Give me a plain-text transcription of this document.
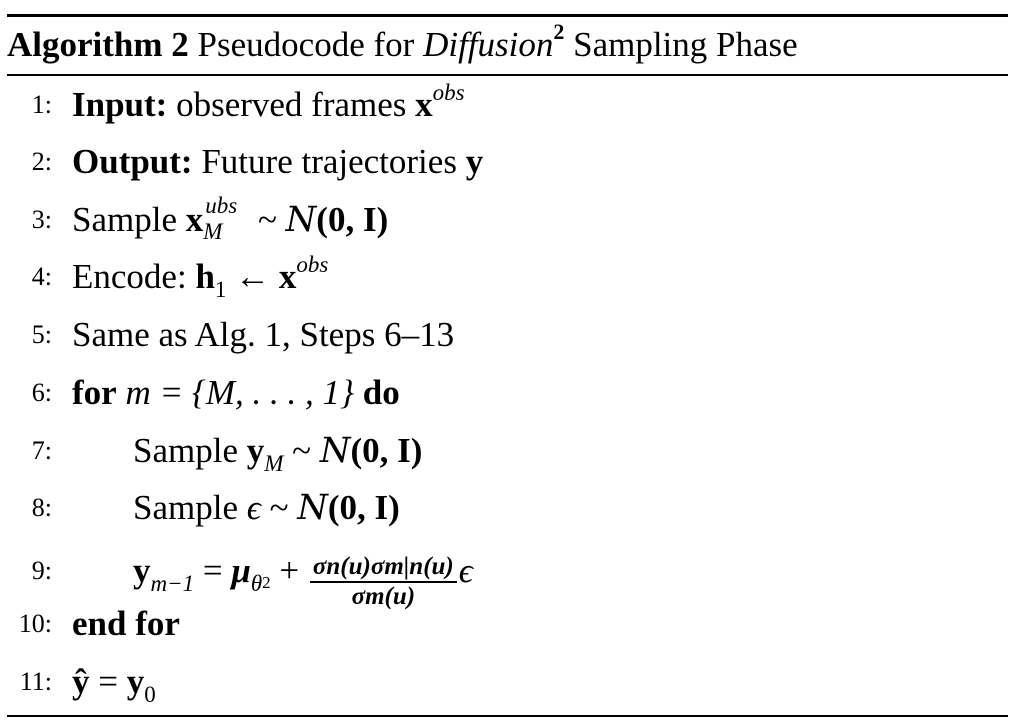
Algorithm 2 Pseudocode for Diffusion$^2$ Sampling Phase
1: Input: observed frames $x^{obs}$
2: Output: Future trajectories y
3: Sample x ubs
M ~ N(0, I)
4: Encode: $h_1$ ← $x^{obs}$
5: Same as Alg. 1, Steps 6–13
6: for m = {M, . . . , 1} do
7: Sample $y_M$ ~ N(0, I)
8: Sample ϵ ~ N(0, I)
9: $y_{m-1} = \mu_\theta 2 + \frac{\sigma n(u)\sigma m|n(u)}{\sigma m(u)}$ ϵ
10: end for
11: ŷ = $y_0$
